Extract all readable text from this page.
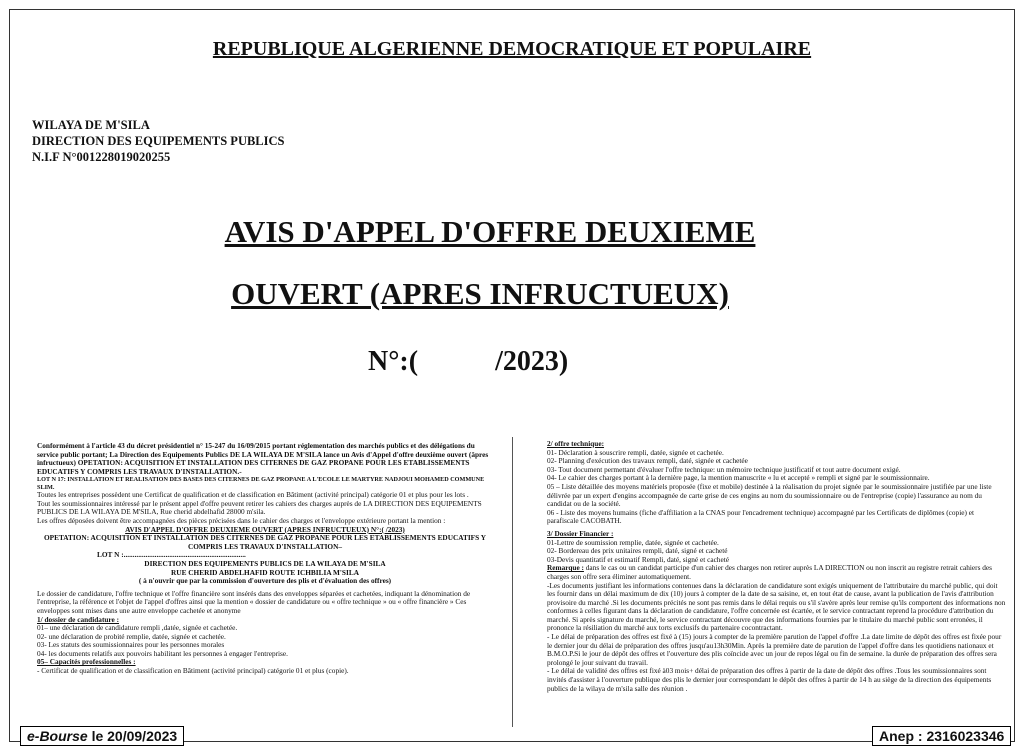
REPUBLIQUE ALGERIENNE DEMOCRATIQUE ET POPULAIRE
WILAYA DE M'SILA
DIRECTION DES EQUIPEMENTS PUBLICS
N.I.F N°001228019020255
AVIS D'APPEL D'OFFRE DEUXIEME
OUVERT (APRES INFRUCTUEUX)
N°:(           /2023)

Conformément à l'article 43 du décret présidentiel n° 15-247 du 16/09/2015 portant réglementation des marchés publics et des délégations du service public portant; La Direction des Equipements Publics DE LA WILAYA DE M'SILA lance un Avis d'Appel d'offre deuxième ouvert (âpres infructueux) OPETATION: ACQUISITION ET INSTALLATION DES CITERNES DE GAZ PROPANE POUR LES ETABLISSEMENTS EDUCATIFS Y COMPRIS LES TRAVAUX D'INSTALLATION.-

LOT N 17: INSTALLATION ET REALISATION DES BASES DES CITERNES DE GAZ PROPANE A L'ECOLE LE MARTYRE NADJOUI MOHAMED COMMUNE SLIM.

Toutes les entreprises possèdent une Certificat de qualification et de classification en Bâtiment (activité principal) catégorie 01 et plus pour les lots .

Tout les soumissionnaires intéressé par le présent appel d'offre peuvent retirer les cahiers des charges auprès de LA DIRECTION DES EQUIPEMENTS PUBLICS DE LA WILAYA DE M'SILA, Rue cherid abdelhafid 28000 m'sila.

Les offres déposées doivent être accompagnées des pièces précisées dans le cahier des charges et l'enveloppe extérieure portant la mention :

AVIS D'APPEL D'OFFRE DEUXIEME OUVERT (APRES INFRUCTUEUX) N°:( /2023)

OPETATION: ACQUISITION ET INSTALLATION DES CITERNES DE GAZ PROPANE POUR LES ETABLISSEMENTS EDUCATIFS Y COMPRIS LES TRAVAUX D'INSTALLATION–

LOT N :...................................................................

DIRECTION DES EQUIPEMENTS PUBLICS DE LA WILAYA DE M'SILA

RUE CHERID ABDELHAFID ROUTE ICHBILIA M'SILA

( à n'ouvrir que par la commission d'ouverture des plis et d'évaluation des offres)

Le dossier de candidature, l'offre technique et l'offre financière sont insérés dans des enveloppes séparées et cachetées, indiquant la dénomination de l'entreprise, la référence et l'objet de l'appel d'offres ainsi que la mention « dossier de candidature ou « offre technique » ou « offre financière » Ces enveloppes sont mises dans une autre enveloppe cachetée et anonyme

1/ dossier de candidature :

01– une déclaration de candidature rempli ,datée, signée et cachetée.

02- une déclaration de probité remplie, datée, signée et cachetée.

03- Les statuts des soumissionnaires pour les personnes morales

04- les documents relatifs aux pouvoirs habilitant les personnes à engager l'entreprise.

05– Capacités professionnelles :

- Certificat de qualification et de classification en Bâtiment (activité principal) catégorie 01 et plus (copie).

2/ offre technique:

01- Déclaration à souscrire rempli, datée, signée et cachetée.

02- Planning d'exécution des travaux rempli, daté, signée et cachetée

03- Tout document permettant d'évaluer l'offre technique: un mémoire technique justificatif et tout autre document exigé.

04- Le cahier des charges portant à la dernière page, la mention manuscrite « lu et accepté » rempli et signé par le soumissionnaire.

05 – Liste détaillée des moyens matériels proposée (fixe et mobile) destinée à la réalisation du projet signée par le soumissionnaire justifiée par une liste délivrée par un expert d'engins accompagnée de carte grise de ces engins au nom du soumissionnaire ou de l'entreprise (copie) l'assurance au nom du candidat ou de la société.

06 - Liste des moyens humains (fiche d'affiliation a la CNAS pour l'encadrement technique) accompagné par les Certificats de diplômes (copie) et parafiscale CACOBATH.

3/ Dossier Financier :

01-Lettre de soumission remplie, datée, signée et cachetée.

02- Bordereau des prix unitaires rempli, daté, signé et cacheté

03-Devis quantitatif et estimatif Rempli, daté, signé et cacheté

Remarque : dans le cas ou un candidat participe d'un cahier des charges non retirer auprès LA DIRECTION ou non inscrit au registre retrait cahiers des charges son offre sera éliminer automatiquement.

-Les documents justifiant les informations contenues dans la déclaration de candidature sont exigés uniquement de l'attributaire du marché public, qui doit les fournir dans un délai maximum de dix (10) jours à compter de la date de sa saisine, et, en tout état de cause, avant la publication de l'avis d'attribution provisoire du marché .Si les documents précités ne sont pas remis dans le délai requis ou s'il s'avère après leur remise qu'ils comportent des informations non conformes à celles figurant dans la déclaration de candidature, l'offre concernée est écartée, et le service contractant reprend la procédure d'attribution du marché. Si après signature du marché, le service contractant découvre que des informations fournies par le titulaire du marché public sont erronées, il prononce la résiliation du marché aux torts exclusifs du partenaire cocontractant.

- Le délai de préparation des offres est fixé à (15) jours à compter de la première parution de l'appel d'offre .La date limite de dépôt des offres est fixée pour le dernier jour du délai de préparation des offres jusqu'au13h30Min. Après la première date de parution de l'appel d'offre dans les quotidiens nationaux et B.M.O.P.Si le jour de dépôt des offres et l'ouverture des plis coïncide avec un jour de repos légal ou fin de semaine. la durée de préparation des offres sera prolongé le jour suivant du travail.

- Le délai de validité des offres est fixé à03 mois+ délai de préparation des offres à partir de la date de dépôt des offres .Tous les soumissionnaires sont invités d'assister à l'ouverture publique des plis le dernier jour correspondant le dépôt des offres à partir de 14 h au siège de la direction des équipements publics de la wilaya de m'sila salle des réunion .

e-Bourse le 20/09/2023	Anep : 2316023346
